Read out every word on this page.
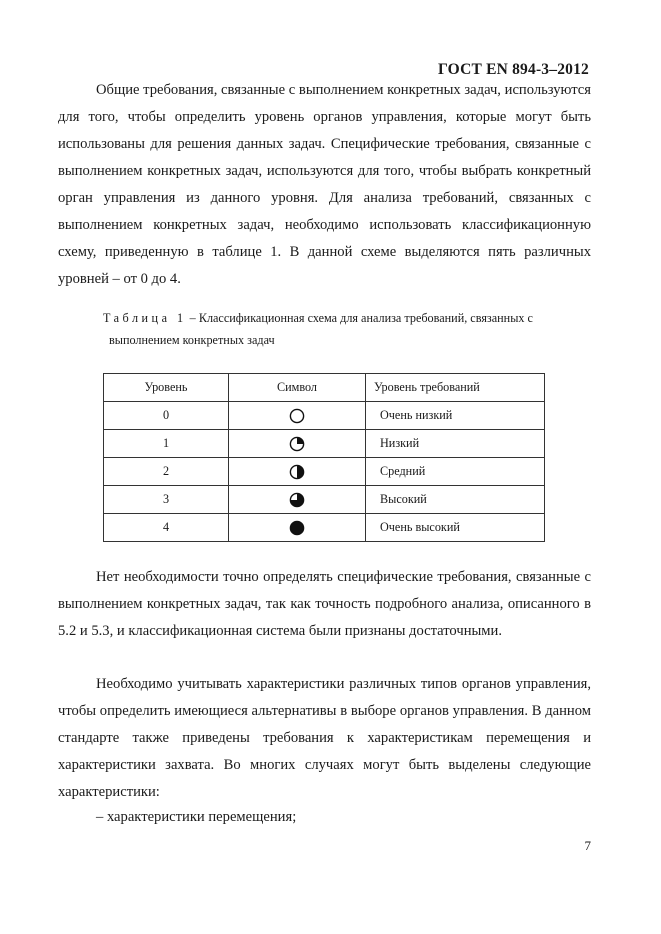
ГОСТ EN 894-3–2012

Общие требования, связанные с выполнением конкретных задач, используются для того, чтобы определить уровень органов управления, которые могут быть использованы для решения данных задач. Специфические требования, связанные с выполнением конкретных задач, используются для того, чтобы выбрать конкретный орган управления из данного уровня. Для анализа требований, связанных с выполнением конкретных задач, необходимо использовать классификационную схему, приведенную в таблице 1. В данной схеме выделяются пять различных уровней – от 0 до 4.

Таблица 1 – Классификационная схема для анализа требований, связанных с
выполнением конкретных задач
Уровень	Символ	Уровень требований
0		Очень низкий
1		Низкий
2		Средний
3		Высокий
4		Очень высокий

Нет необходимости точно определять специфические требования, связанные с выполнением конкретных задач, так как точность подробного анализа, описанного в 5.2 и 5.3, и классификационная система были признаны достаточными.

Необходимо учитывать характеристики различных типов органов управления, чтобы определить имеющиеся альтернативы в выборе органов управления. В данном стандарте также приведены требования к характеристикам перемещения и характеристики захвата. Во многих случаях могут быть выделены следующие характеристики:

– характеристики перемещения;
7
